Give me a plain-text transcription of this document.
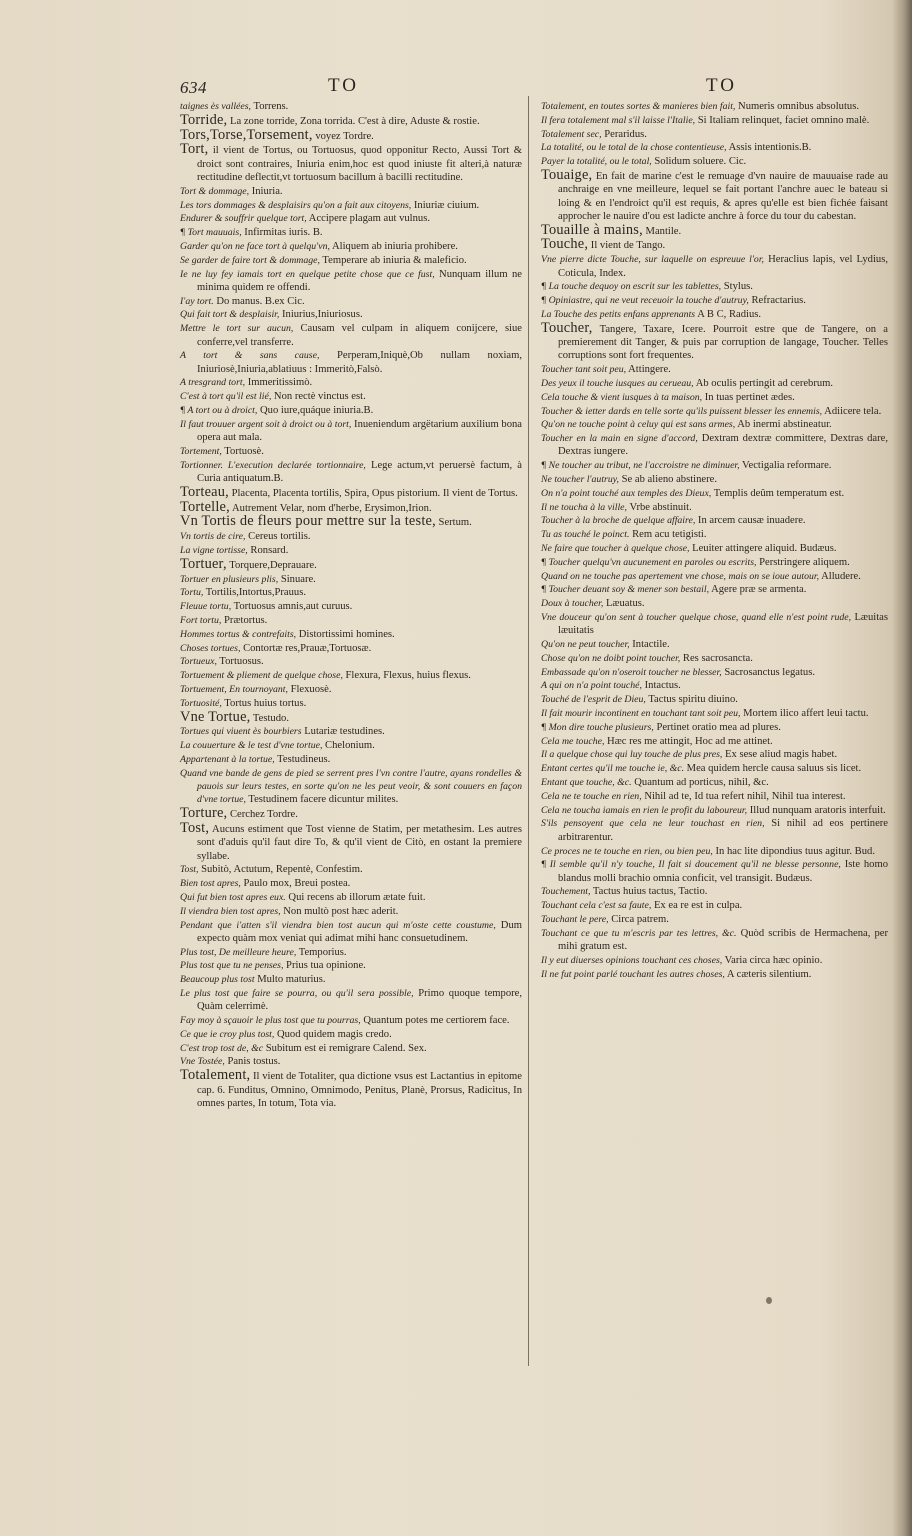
634	TO	TO

taignes ès vallées, Torrens.

Torride, La zone torride, Zona torrida. C'est à dire, Aduste & rostie.

Tors,Torse,Torsement, voyez Tordre.

Tort, il vient de Tortus, ou Tortuosus, quod opponitur Recto, Aussi Tort & droict sont contraires, Iniuria enim,hoc est quod iniuste fit alteri,à naturæ rectitudine deflectit,vt tortuosum bacillum à bacilli rectitudine.

Tort & dommage, Iniuria.

Les tors dommages & desplaisirs qu'on a fait aux citoyens, Iniuriæ ciuium.

Endurer & souffrir quelque tort, Accipere plagam aut vulnus.

¶ Tort mauuais, Infirmitas iuris. B.

Garder qu'on ne face tort à quelqu'vn, Aliquem ab iniuria prohibere.

Se garder de faire tort & dommage, Temperare ab iniuria & maleficio.

Ie ne luy fey iamais tort en quelque petite chose que ce fust, Nunquam illum ne minima quidem re offendi.

I'ay tort. Do manus. B.ex Cic.

Qui fait tort & desplaisir, Iniurius,Iniuriosus.

Mettre le tort sur aucun, Causam vel culpam in aliquem conijcere, siue conferre,vel transferre.

A tort & sans cause, Perperam,Iniquè,Ob nullam noxiam, Iniuriosè,Iniuria,ablatiuus : Immeritò,Falsò.

A tresgrand tort, Immeritissimò.

C'est à tort qu'il est lié, Non rectè vinctus est.

¶ A tort ou à droict, Quo iure,quáque iniuria.B.

Il faut trouuer argent soit à droict ou à tort, Inueniendum argëtarium auxilium bona opera aut mala.

Tortement, Tortuosè.

Tortionner. L'execution declarée tortionnaire, Lege actum,vt peruersè factum, à Curia antiquatum.B.

Torteau, Placenta, Placenta tortilis, Spira, Opus pistorium. Il vient de Tortus.

Tortelle, Autrement Velar, nom d'herbe, Erysimon,Irion.

Vn Tortis de fleurs pour mettre sur la teste, Sertum.

Vn tortis de cire, Cereus tortilis.

La vigne tortisse, Ronsard.

Tortuer, Torquere,Deprauare.

Tortuer en plusieurs plis, Sinuare.

Tortu, Tortilis,Intortus,Prauus.

Fleuue tortu, Tortuosus amnis,aut curuus.

Fort tortu, Prætortus.

Hommes tortus & contrefaits, Distortissimi homines.

Choses tortues, Contortæ res,Prauæ,Tortuosæ.

Tortueux, Tortuosus.

Tortuement & pliement de quelque chose, Flexura, Flexus, huius flexus.

Tortuement, En tournoyant, Flexuosè.

Tortuosité, Tortus huius tortus.

Vne Tortue, Testudo.

Tortues qui viuent ès bourbiers Lutariæ testudines.

La couuerture & le test d'vne tortue, Chelonium.

Appartenant à la tortue, Testudineus.

Quand vne bande de gens de pied se serrent pres l'vn contre l'autre, ayans rondelles & pauois sur leurs testes, en sorte qu'on ne les peut veoir, & sont couuers en façon d'vne tortue, Testudinem facere dicuntur milites.

Torture, Cerchez Tordre.

Tost, Aucuns estiment que Tost vienne de Statim, per metathesim. Les autres sont d'aduis qu'il faut dire To, & qu'il vient de Citò, en ostant la premiere syllabe.

Tost, Subitò, Actutum, Repentè, Confestim.

Bien tost apres, Paulo mox, Breui postea.

Qui fut bien tost apres eux. Qui recens ab illorum ætate fuit.

Il viendra bien tost apres, Non multò post hæc aderit.

Pendant que i'atten s'il viendra bien tost aucun qui m'oste cette coustume, Dum expecto quàm mox veniat qui adimat mihi hanc consuetudinem.

Plus tost, De meilleure heure, Temporius.

Plus tost que tu ne penses, Prius tua opinione.

Beaucoup plus tost Multo maturius.

Le plus tost que faire se pourra, ou qu'il sera possible, Primo quoque tempore, Quàm celerrimè.

Fay moy à sçauoir le plus tost que tu pourras, Quantum potes me certiorem face.

Ce que ie croy plus tost, Quod quidem magis credo.

C'est trop tost de, &c Subitum est ei remigrare Calend. Sex.

Vne Tostée, Panis tostus.

Totalement, Il vient de Totaliter, qua dictione vsus est Lactantius in epitome cap. 6. Funditus, Omnino, Omnimodo, Penitus, Planè, Prorsus, Radicitus, In omnes partes, In totum, Tota via.

Totalement, en toutes sortes & manieres bien fait, Numeris omnibus absolutus.

Il fera totalement mal s'il laisse l'Italie, Si Italiam relinquet, faciet omnino malè.

Totalement sec, Peraridus.

La totalité, ou le total de la chose contentieuse, Assis intentionis.B.

Payer la totalité, ou le total, Solidum soluere. Cic.

Touaige, En fait de marine c'est le remuage d'vn nauire de mauuaise rade au anchraige en vne meilleure, lequel se fait portant l'anchre auec le bateau si loing & en l'endroict qu'il est requis, & apres qu'elle est bien fichée faisant approcher le nauire d'ou est ladicte anchre à force du tour du cabestan.

Touaille à mains, Mantile.

Touche, Il vient de Tango.

Vne pierre dicte Touche, sur laquelle on espreuue l'or, Heraclius lapis, vel Lydius, Coticula, Index.

¶ La touche dequoy on escrit sur les tablettes, Stylus.

¶ Opiniastre, qui ne veut receuoir la touche d'autruy, Refractarius.

La Touche des petits enfans apprenants A B C, Radius.

Toucher, Tangere, Taxare, Icere. Pourroit estre que de Tangere, on a premierement dit Tanger, & puis par corruption de langage, Toucher. Telles corruptions sont fort frequentes.

Toucher tant soit peu, Attingere.

Des yeux il touche iusques au cerueau, Ab oculis pertingit ad cerebrum.

Cela touche & vient iusques à ta maison, In tuas pertinet ædes.

Toucher & ietter dards en telle sorte qu'ils puissent blesser les ennemis, Adiicere tela.

Qu'on ne touche point à celuy qui est sans armes, Ab inermi abstineatur.

Toucher en la main en signe d'accord, Dextram dextræ committere, Dextras dare, Dextras iungere.

¶ Ne toucher au tribut, ne l'accroistre ne diminuer, Vectigalia reformare.

Ne toucher l'autruy, Se ab alieno abstinere.

On n'a point touché aux temples des Dieux, Templis deûm temperatum est.

Il ne toucha à la ville, Vrbe abstinuit.

Toucher à la broche de quelque affaire, In arcem causæ inuadere.

Tu as touché le poinct. Rem acu tetigisti.

Ne faire que toucher à quelque chose, Leuiter attingere aliquid. Budæus.

¶ Toucher quelqu'vn aucunement en paroles ou escrits, Perstringere aliquem.

Quand on ne touche pas apertement vne chose, mais on se ioue autour, Alludere.

¶ Toucher deuant soy & mener son bestail, Agere præ se armenta.

Doux à toucher, Læuatus.

Vne douceur qu'on sent à toucher quelque chose, quand elle n'est point rude, Læuitas læuitatis

Qu'on ne peut toucher, Intactile.

Chose qu'on ne doibt point toucher, Res sacrosancta.

Embassade qu'on n'oseroit toucher ne blesser, Sacrosanctus legatus.

A qui on n'a point touché, Intactus.

Touché de l'esprit de Dieu, Tactus spiritu diuino.

Il fait mourir incontinent en touchant tant soit peu, Mortem ilico affert leui tactu.

¶ Mon dire touche plusieurs, Pertinet oratio mea ad plures.

Cela me touche, Hæc res me attingit, Hoc ad me attinet.

Il a quelque chose qui luy touche de plus pres, Ex sese aliud magis habet.

Entant certes qu'il me touche ie, &c. Mea quidem hercle causa saluus sis licet.

Entant que touche, &c. Quantum ad porticus, nihil, &c.

Cela ne te touche en rien, Nihil ad te, Id tua refert nihil, Nihil tua interest.

Cela ne toucha iamais en rien le profit du laboureur, Illud nunquam aratoris interfuit.

S'ils pensoyent que cela ne leur touchast en rien, Si nihil ad eos pertinere arbitrarentur.

Ce proces ne te touche en rien, ou bien peu, In hac lite dipondius tuus agitur. Bud.

¶ Il semble qu'il n'y touche, Il fait si doucement qu'il ne blesse personne, Iste homo blandus molli brachio omnia conficit, vel transigit. Budæus.

Touchement, Tactus huius tactus, Tactio.

Touchant cela c'est sa faute, Ex ea re est in culpa.

Touchant le pere, Circa patrem.

Touchant ce que tu m'escris par tes lettres, &c. Quòd scribis de Hermachena, per mihi gratum est.

Il y eut diuerses opinions touchant ces choses, Varia circa hæc opinio.

Il ne fut point parlé touchant les autres choses, A cæteris silentium.
